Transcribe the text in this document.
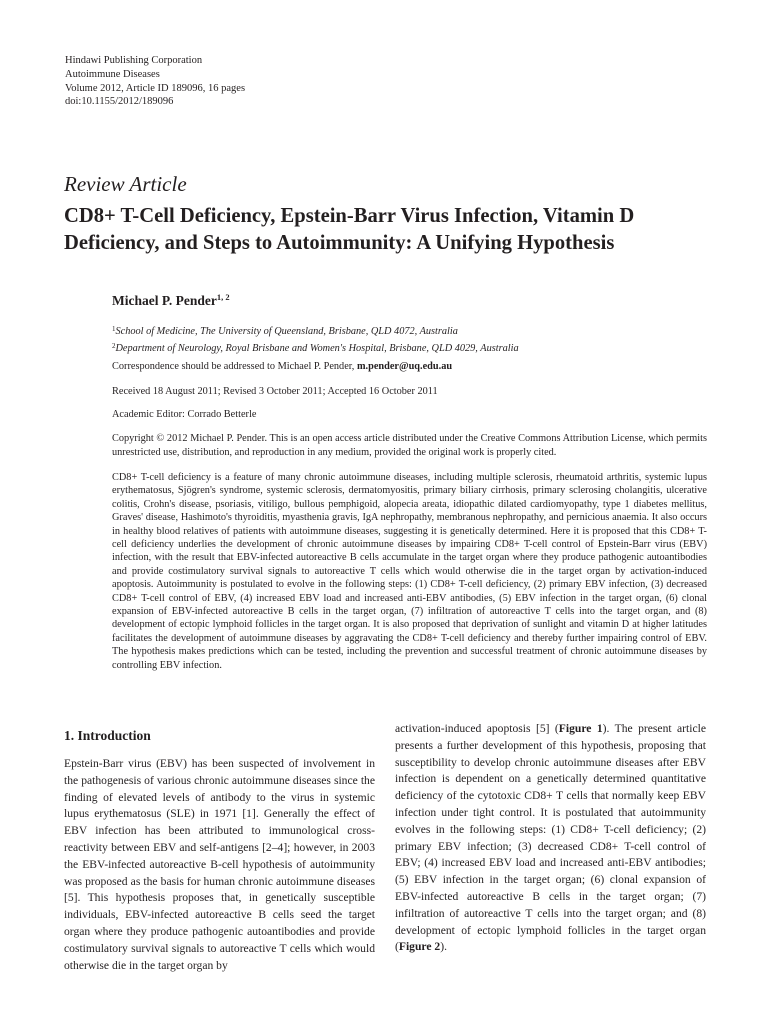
Hindawi Publishing Corporation
Autoimmune Diseases
Volume 2012, Article ID 189096, 16 pages
doi:10.1155/2012/189096
Review Article
CD8+ T-Cell Deficiency, Epstein-Barr Virus Infection, Vitamin D
Deficiency, and Steps to Autoimmunity: A Unifying Hypothesis
Michael P. Pender$^{1, 2}$
$^1$School of Medicine, The University of Queensland, Brisbane, QLD 4072, Australia
$^2$Department of Neurology, Royal Brisbane and Women's Hospital, Brisbane, QLD 4029, Australia
Correspondence should be addressed to Michael P. Pender, m.pender@uq.edu.au
Received 18 August 2011; Revised 3 October 2011; Accepted 16 October 2011
Academic Editor: Corrado Betterle
Copyright © 2012 Michael P. Pender. This is an open access article distributed under the Creative Commons Attribution License, which permits unrestricted use, distribution, and reproduction in any medium, provided the original work is properly cited.
CD8+ T-cell deficiency is a feature of many chronic autoimmune diseases, including multiple sclerosis, rheumatoid arthritis, systemic lupus erythematosus, Sjögren's syndrome, systemic sclerosis, dermatomyositis, primary biliary cirrhosis, primary sclerosing cholangitis, ulcerative colitis, Crohn's disease, psoriasis, vitiligo, bullous pemphigoid, alopecia areata, idiopathic dilated cardiomyopathy, type 1 diabetes mellitus, Graves' disease, Hashimoto's thyroiditis, myasthenia gravis, IgA nephropathy, membranous nephropathy, and pernicious anaemia. It also occurs in healthy blood relatives of patients with autoimmune diseases, suggesting it is genetically determined. Here it is proposed that this CD8+ T-cell deficiency underlies the development of chronic autoimmune diseases by impairing CD8+ T-cell control of Epstein-Barr virus (EBV) infection, with the result that EBV-infected autoreactive B cells accumulate in the target organ where they produce pathogenic autoantibodies and provide costimulatory survival signals to autoreactive T cells which would otherwise die in the target organ by activation-induced apoptosis. Autoimmunity is postulated to evolve in the following steps: (1) CD8+ T-cell deficiency, (2) primary EBV infection, (3) decreased CD8+ T-cell control of EBV, (4) increased EBV load and increased anti-EBV antibodies, (5) EBV infection in the target organ, (6) clonal expansion of EBV-infected autoreactive B cells in the target organ, (7) infiltration of autoreactive T cells into the target organ, and (8) development of ectopic lymphoid follicles in the target organ. It is also proposed that deprivation of sunlight and vitamin D at higher latitudes facilitates the development of autoimmune diseases by aggravating the CD8+ T-cell deficiency and thereby further impairing control of EBV. The hypothesis makes predictions which can be tested, including the prevention and successful treatment of chronic autoimmune diseases by controlling EBV infection.
1. Introduction

Epstein-Barr virus (EBV) has been suspected of involvement in the pathogenesis of various chronic autoimmune diseases since the finding of elevated levels of antibody to the virus in systemic lupus erythematosus (SLE) in 1971 [1]. Generally the effect of EBV infection has been attributed to immunological cross-reactivity between EBV and self-antigens [2–4]; however, in 2003 the EBV-infected autoreactive B-cell hypothesis of autoimmunity was proposed as the basis for human chronic autoimmune diseases [5]. This hypothesis proposes that, in genetically susceptible individuals, EBV-infected autoreactive B cells seed the target organ where they produce pathogenic autoantibodies and provide costimulatory survival signals to autoreactive T cells which would otherwise die in the target organ by

activation-induced apoptosis [5] (Figure 1). The present article presents a further development of this hypothesis, proposing that susceptibility to develop chronic autoimmune diseases after EBV infection is dependent on a genetically determined quantitative deficiency of the cytotoxic CD8+ T cells that normally keep EBV infection under tight control. It is postulated that autoimmunity evolves in the following steps: (1) CD8+ T-cell deficiency; (2) primary EBV infection; (3) decreased CD8+ T-cell control of EBV; (4) increased EBV load and increased anti-EBV antibodies; (5) EBV infection in the target organ; (6) clonal expansion of EBV-infected autoreactive B cells in the target organ; (7) infiltration of autoreactive T cells into the target organ; and (8) development of ectopic lymphoid follicles in the target organ (Figure 2).
